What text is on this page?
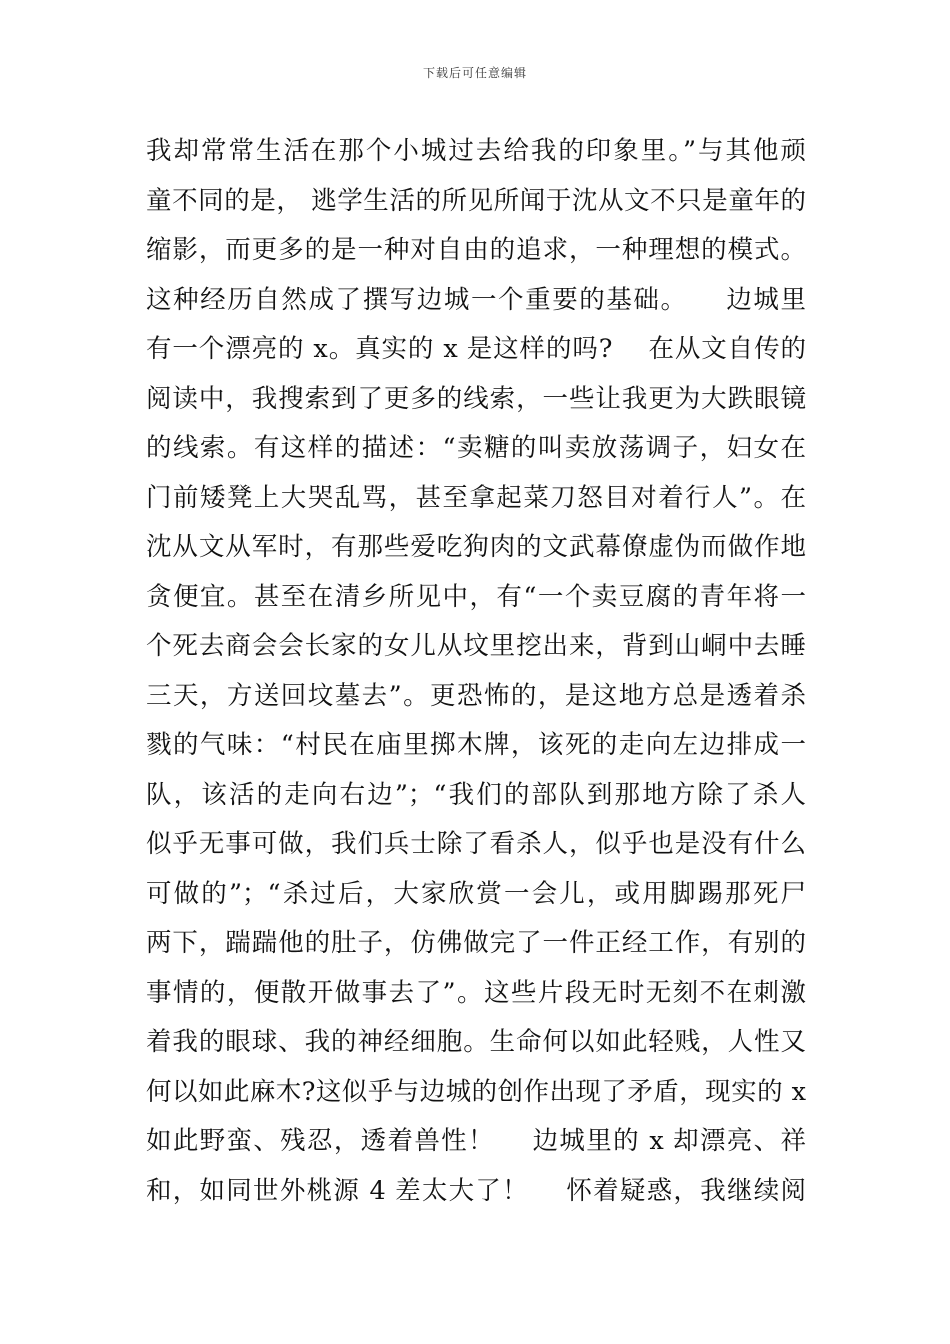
下载后可任意编辑
我却常常生活在那个小城过去给我的印象里。”与其他顽
童不同的是， 逃学生活的所见所闻于沈从文不只是童年的
缩影，而更多的是一种对自由的追求，一种理想的模式。
这种经历自然成了撰写边城一个重要的基础。    边城里
有一个漂亮的 x。真实的 x 是这样的吗?    在从文自传的
阅读中，我搜索到了更多的线索，一些让我更为大跌眼镜
的线索。有这样的描述：“卖糖的叫卖放荡调子，妇女在
门前矮凳上大哭乱骂，甚至拿起菜刀怒目对着行人”。在
沈从文从军时，有那些爱吃狗肉的文武幕僚虚伪而做作地
贪便宜。甚至在清乡所见中，有“一个卖豆腐的青年将一
个死去商会会长家的女儿从坟里挖出来，背到山峒中去睡
三天，方送回坟墓去”。更恐怖的，是这地方总是透着杀
戮的气味：“村民在庙里掷木牌，该死的走向左边排成一
队，该活的走向右边”；“我们的部队到那地方除了杀人
似乎无事可做，我们兵士除了看杀人，似乎也是没有什么
可做的”；“杀过后，大家欣赏一会儿，或用脚踢那死尸
两下，踹踹他的肚子，仿佛做完了一件正经工作，有别的
事情的，便散开做事去了”。这些片段无时无刻不在刺激
着我的眼球、我的神经细胞。生命何以如此轻贱，人性又
何以如此麻木?这似乎与边城的创作出现了矛盾，现实的 x
如此野蛮、残忍，透着兽性！    边城里的 x 却漂亮、祥
和，如同世外桃源 4 差太大了！    怀着疑惑，我继续阅
